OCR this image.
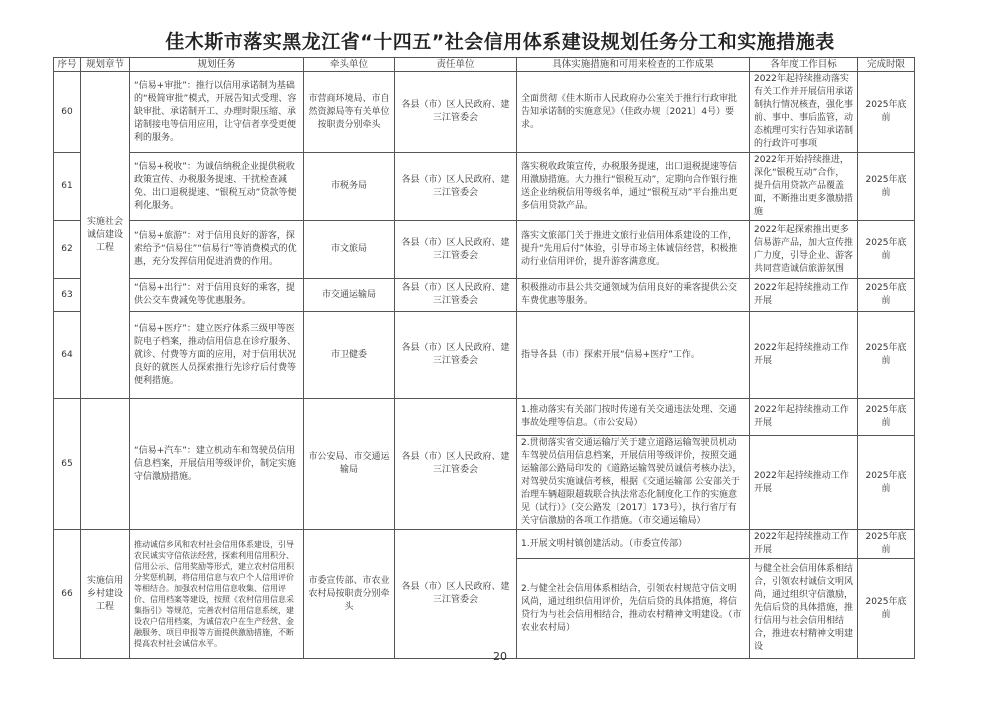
佳木斯市落实黑龙江省“十四五”社会信用体系建设规划任务分工和实施措施表
序号	规划章节	规划任务	牵头单位	责任单位	具体实施措施和可用来检查的工作成果	各年度工作目标	完成时限
60	实施社会诚信建设工程	“信易+审批”：推行以信用承诺制为基础的“极简审批”模式，开展告知式受理、容缺审批、承诺制开工、办理时限压缩、承诺制接电等信用应用，让守信者享受更便利的服务。	市营商环境局、市自然资源局等有关单位按职责分别牵头	各县（市）区人民政府、建三江管委会	全面贯彻《佳木斯市人民政府办公室关于推行行政审批告知承诺制的实施意见》（佳政办规〔2021〕4号）要求。	2022年起持续推动落实有关工作并开展信用承诺制执行情况核查，强化事前、事中、事后监管，动态梳理可实行告知承诺制的行政许可事项	2025年底前
61		“信易+税收”：为诚信纳税企业提供税收政策宣传、办税服务提速、干扰检查减免、出口退税提速、“银税互动”贷款等便利化服务。	市税务局	各县（市）区人民政府、建三江管委会	落实税收政策宣传，办税服务提速，出口退税提速等信用激励措施。大力推行“银税互动”，定期向合作银行推送企业纳税信用等级名单，通过“银税互动”平台推出更多信用贷款产品。	2022年开始持续推进，深化“银税互动”合作，提升信用贷款产品覆盖面，不断推出更多激励措施	2025年底前
62		“信易+旅游”：对于信用良好的游客，探索给予“信易住”“信易行”等消费模式的优惠，充分发挥信用促进消费的作用。	市文旅局	各县（市）区人民政府、建三江管委会	落实文旅部门关于推进文旅行业信用体系建设的工作，提升“先用后付”体验，引导市场主体诚信经营，积极推动行业信用评价，提升游客满意度。	2022年起探索推出更多信易游产品，加大宣传推广力度，引导企业、游客共同营造诚信旅游氛围	2025年底前
63		“信易+出行”：对于信用良好的乘客，提供公交车费减免等优惠服务。	市交通运输局	各县（市）区人民政府、建三江管委会	积极推动市县公共交通领域为信用良好的乘客提供公交车费优惠等服务。	2022年起持续推动工作开展	2025年底前
64		“信易+医疗”：建立医疗体系三级甲等医院电子档案，推动信用信息在诊疗服务、就诊、付费等方面的应用，对于信用状况良好的就医人员探索推行先诊疗后付费等便利措施。	市卫健委	各县（市）区人民政府、建三江管委会	指导各县（市）探索开展“信易+医疗”工作。	2022年起持续推动工作开展	2025年底前
65		“信易+汽车”：建立机动车和驾驶员信用信息档案，开展信用等级评价，制定实施守信激励措施。	市公安局、市交通运输局	各县（市）区人民政府、建三江管委会	1.推动落实有关部门按时传递有关交通违法处理、交通事故处理等信息。（市公安局）	2022年起持续推动工作开展	2025年底前
					2.贯彻落实省交通运输厅关于建立道路运输驾驶员机动车驾驶员信用信息档案，开展信用等级评价，按照交通运输部公路局印发的《道路运输驾驶员诚信考核办法》，对驾驶员实施诚信考核，根据《交通运输部 公安部关于治理车辆超限超载联合执法常态化制度化工作的实施意见（试行）》（交公路发〔2017〕173号），执行省厅有关守信激励的各项工作措施。（市交通运输局）	2022年起持续推动工作开展	2025年底前
66	实施信用乡村建设工程	推动诚信乡风和农村社会信用体系建设，引导农民诚实守信依法经营，探索利用信用积分、信用公示、信用奖励等形式，建立农村信用积分奖惩机制，将信用信息与农户个人信用评价等相结合。加强农村信用信息收集、信用评价、信用档案等建设，按照《农村信用信息采集指引》等规范，完善农村信用信息系统，建设农户信用档案，为诚信农户在生产经营、金融服务、项目申报等方面提供激励措施，不断提高农村社会诚信水平。	市委宣传部、市农业农村局按职责分别牵头	各县（市）区人民政府、建三江管委会	1.开展文明村镇创建活动。（市委宣传部）	2022年起持续推动工作开展	2025年底前
					2.与健全社会信用体系相结合，引领农村规范守信文明风尚，通过组织信用评价，先信后贷的具体措施，将信贷行为与社会信用相结合，推动农村精神文明建设。（市农业农村局）	与健全社会信用体系相结合，引领农村诚信文明风尚，通过组织守信激励，先信后贷的具体措施，推行信用与社会信用相结合，推进农村精神文明建设	2025年底前
20
